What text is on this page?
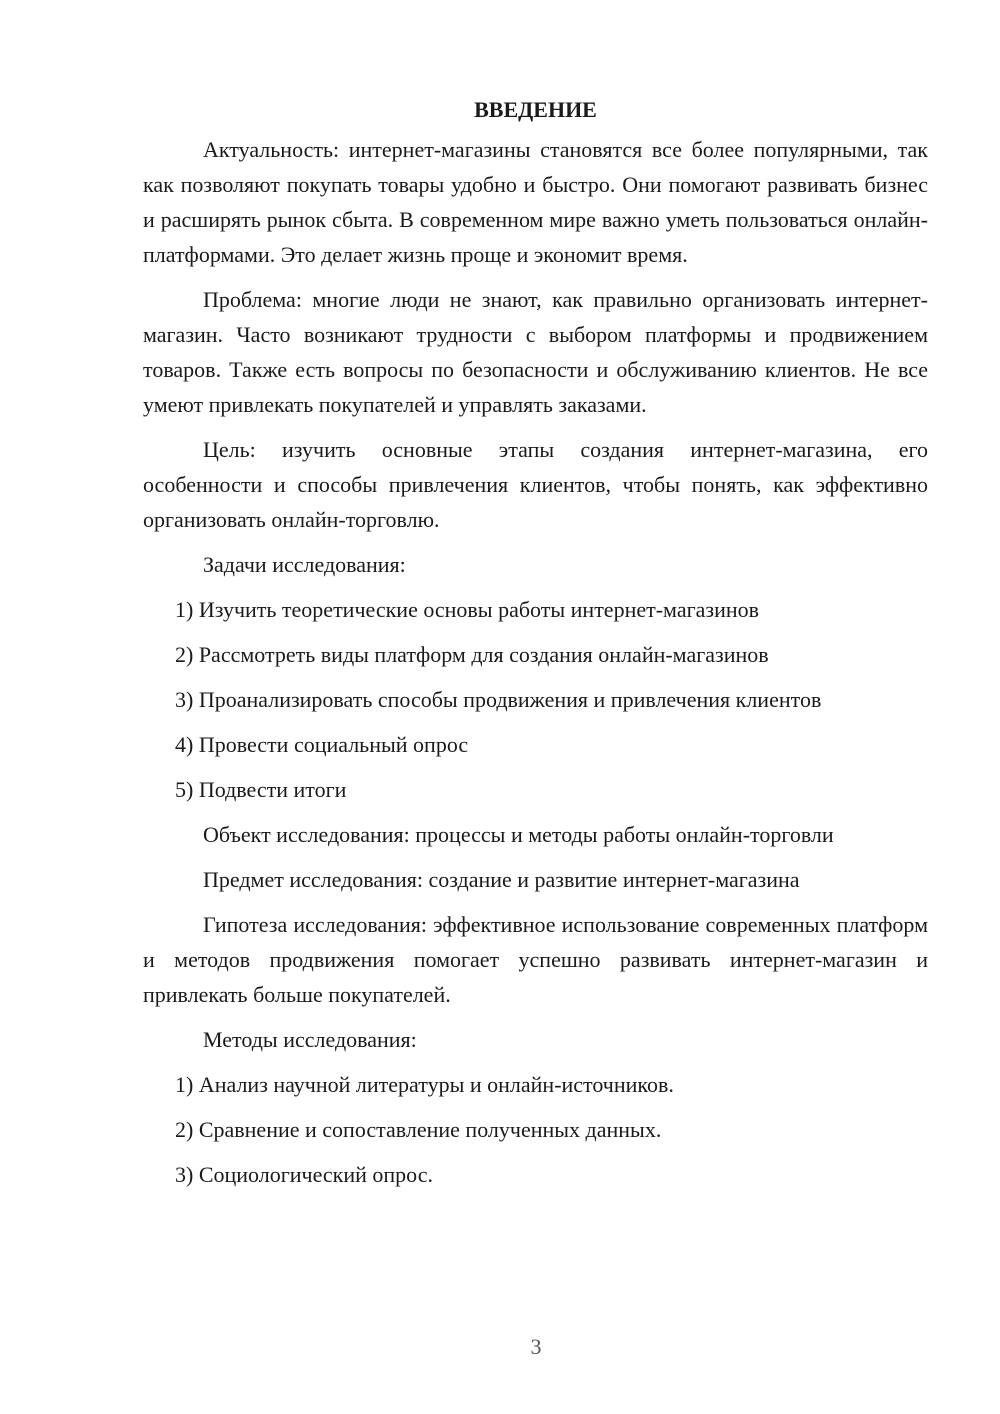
ВВЕДЕНИЕ

Актуальность: интернет-магазины становятся все более популярными, так как позволяют покупать товары удобно и быстро. Они помогают развивать бизнес и расширять рынок сбыта. В современном мире важно уметь пользоваться онлайн-платформами. Это делает жизнь проще и экономит время.

Проблема: многие люди не знают, как правильно организовать интернет-магазин. Часто возникают трудности с выбором платформы и продвижением товаров. Также есть вопросы по безопасности и обслуживанию клиентов. Не все умеют привлекать покупателей и управлять заказами.

Цель: изучить основные этапы создания интернет-магазина, его особенности и способы привлечения клиентов, чтобы понять, как эффективно организовать онлайн-торговлю.

Задачи исследования:

1) Изучить теоретические основы работы интернет-магазинов
2) Рассмотреть виды платформ для создания онлайн-магазинов
3) Проанализировать способы продвижения и привлечения клиентов
4) Провести социальный опрос
5) Подвести итоги

Объект исследования: процессы и методы работы онлайн-торговли

Предмет исследования: создание и развитие интернет-магазина

Гипотеза исследования: эффективное использование современных платформ и методов продвижения помогает успешно развивать интернет-магазин и привлекать больше покупателей.

Методы исследования:

1) Анализ научной литературы и онлайн-источников.
2) Сравнение и сопоставление полученных данных.
3) Социологический опрос.
3
